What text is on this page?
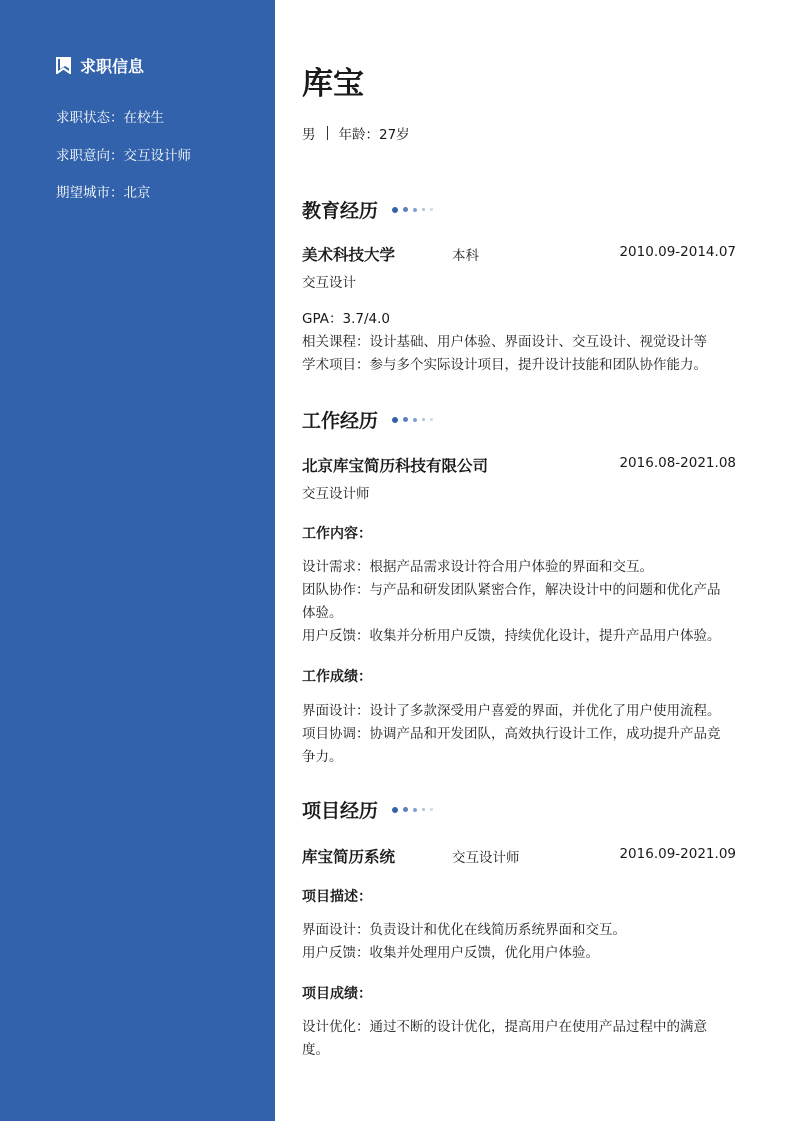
求职信息
求职状态：在校生
求职意向：交互设计师
期望城市：北京
库宝
男 年龄：27岁
教育经历
美术科技大学	本科	2010.09-2014.07
交互设计
GPA：3.7/4.0
相关课程：设计基础、用户体验、界面设计、交互设计、视觉设计等
学术项目：参与多个实际设计项目，提升设计技能和团队协作能力。
工作经历
北京库宝简历科技有限公司	2016.08-2021.08
交互设计师
工作内容：
设计需求：根据产品需求设计符合用户体验的界面和交互。
团队协作：与产品和研发团队紧密合作，解决设计中的问题和优化产品
体验。
用户反馈：收集并分析用户反馈，持续优化设计，提升产品用户体验。
工作成绩：
界面设计：设计了多款深受用户喜爱的界面，并优化了用户使用流程。
项目协调：协调产品和开发团队，高效执行设计工作，成功提升产品竞
争力。
项目经历
库宝简历系统	交互设计师	2016.09-2021.09
项目描述：
界面设计：负责设计和优化在线简历系统界面和交互。
用户反馈：收集并处理用户反馈，优化用户体验。
项目成绩：
设计优化：通过不断的设计优化，提高用户在使用产品过程中的满意
度。
